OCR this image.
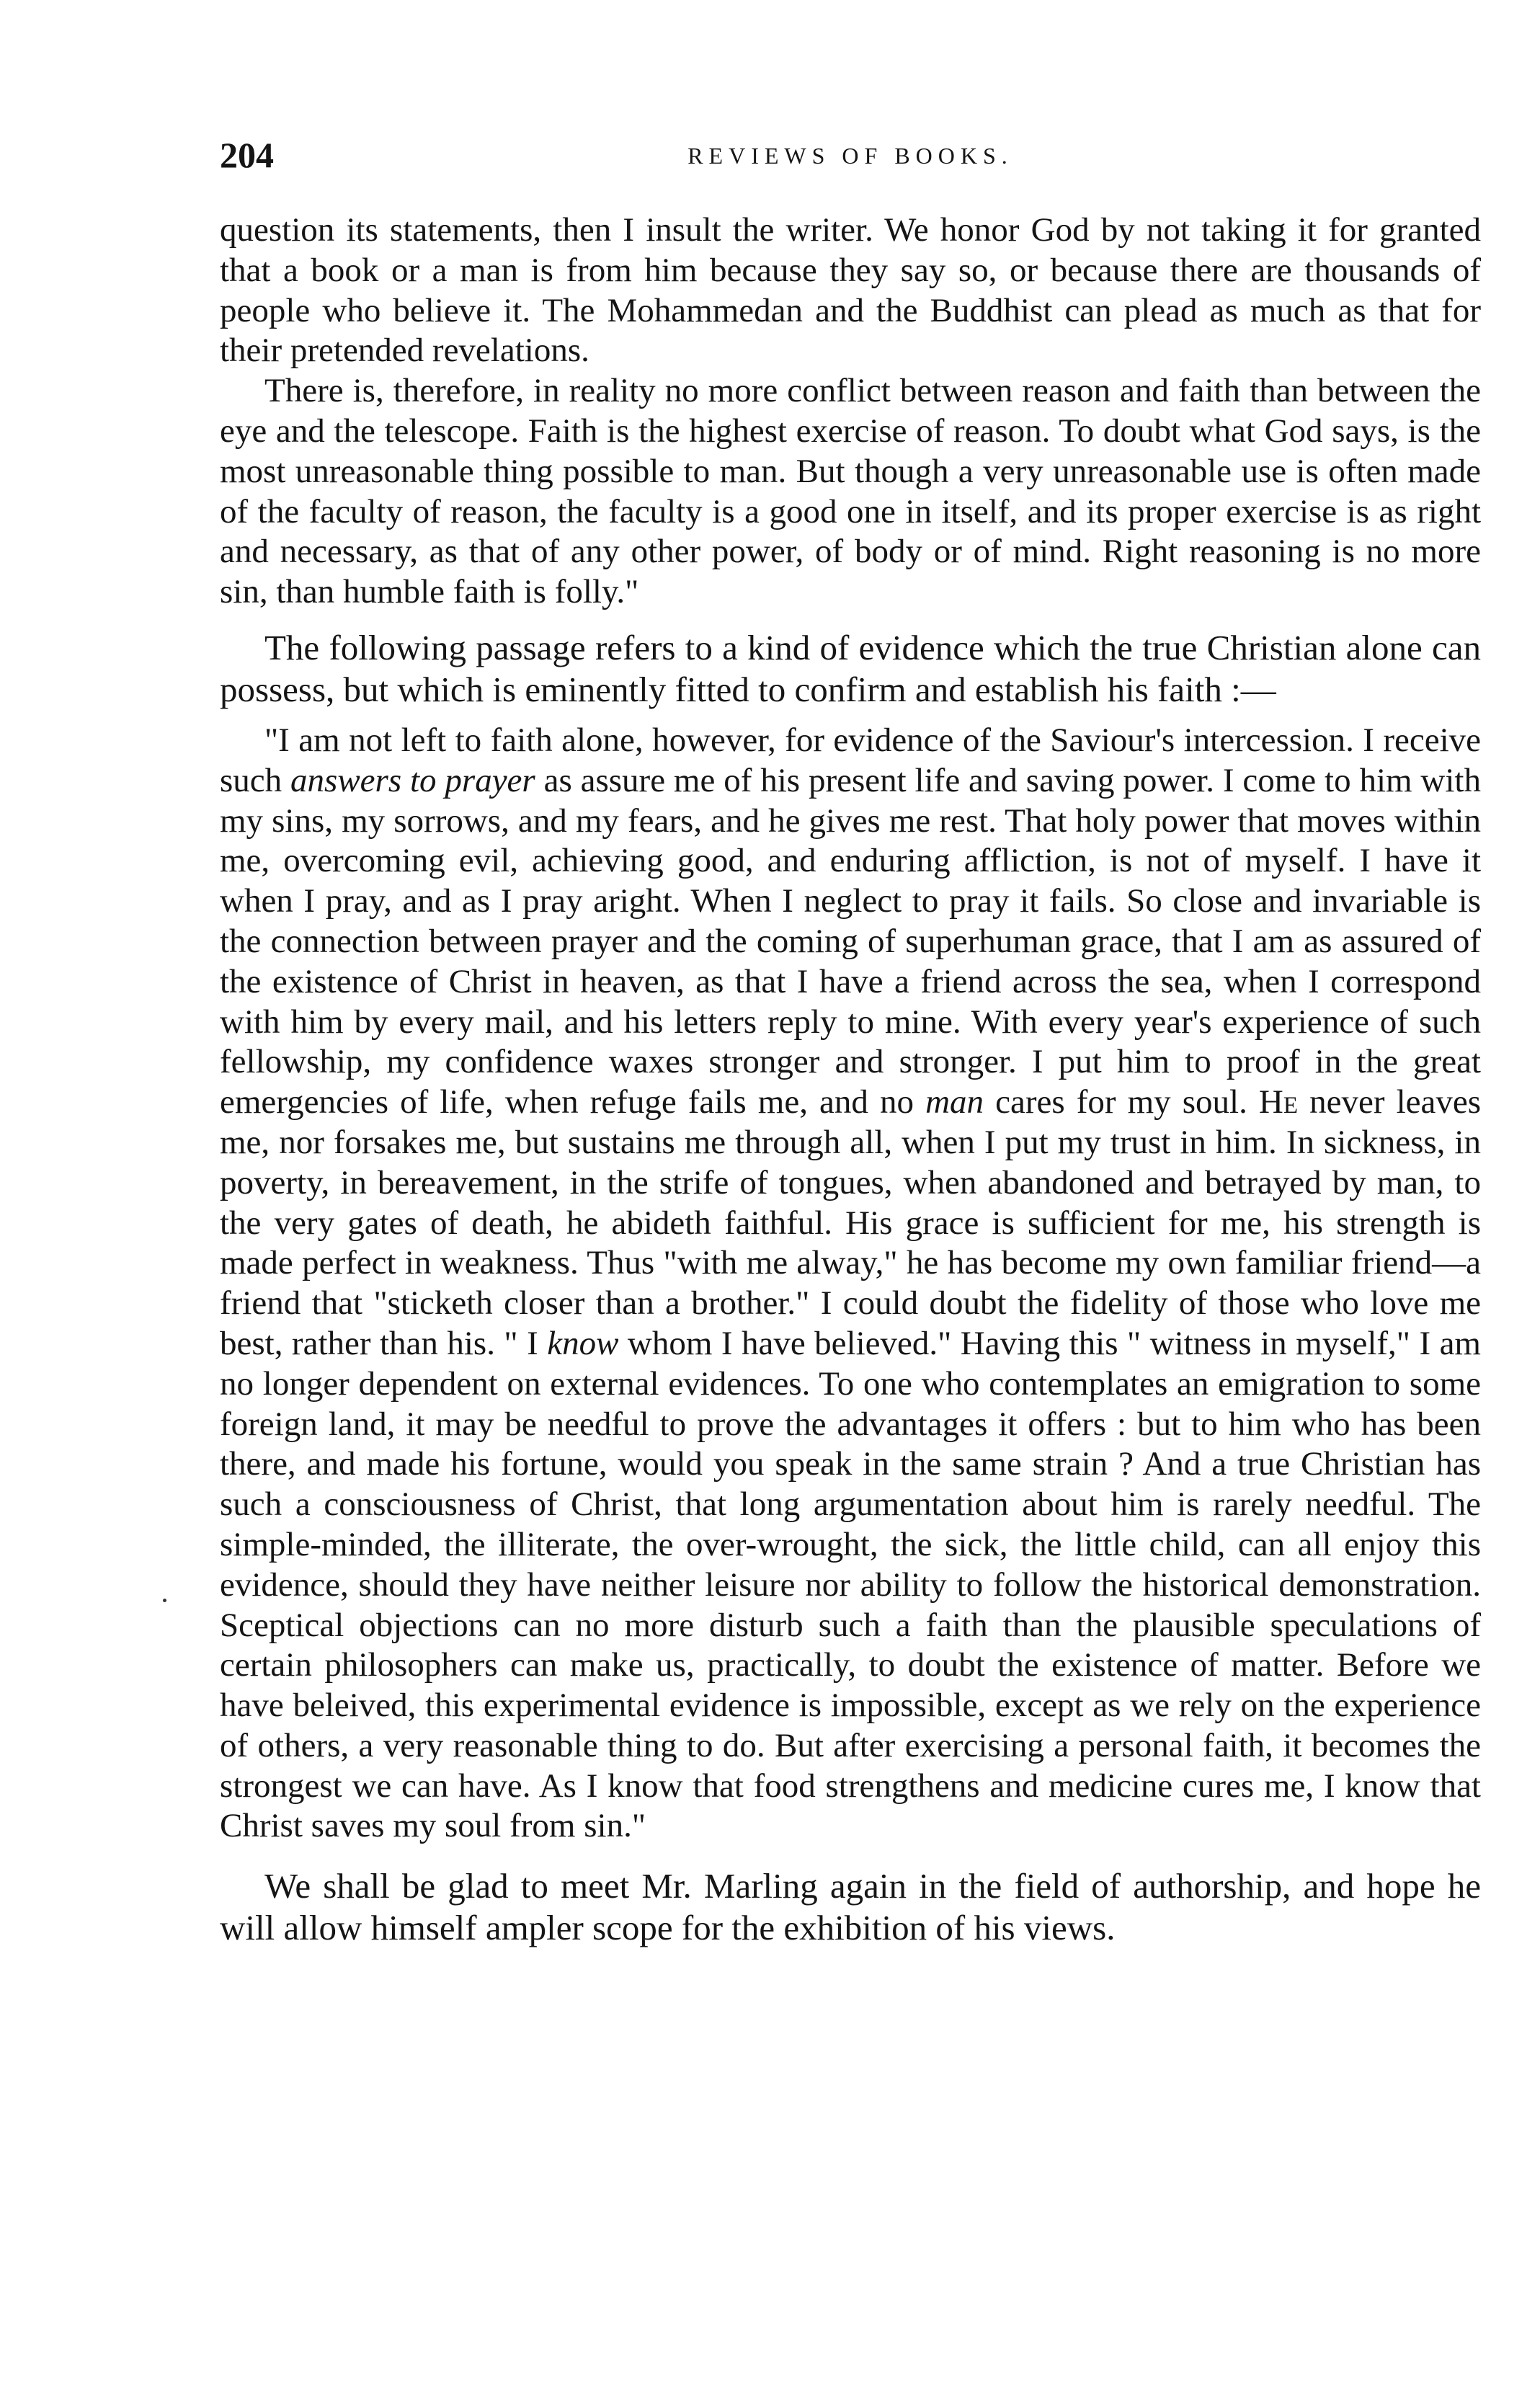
204	REVIEWS OF BOOKS.

question its statements, then I insult the writer. We honor God by not taking it for granted that a book or a man is from him because they say so, or because there are thousands of people who believe it. The Mohammedan and the Buddhist can plead as much as that for their pretended revelations.

There is, therefore, in reality no more conflict between reason and faith than between the eye and the telescope. Faith is the highest exercise of reason. To doubt what God says, is the most unreasonable thing possible to man. But though a very unreasonable use is often made of the faculty of reason, the faculty is a good one in itself, and its proper exercise is as right and necessary, as that of any other power, of body or of mind. Right reasoning is no more sin, than humble faith is folly."

The following passage refers to a kind of evidence which the true Christian alone can possess, but which is eminently fitted to confirm and establish his faith :—

"I am not left to faith alone, however, for evidence of the Saviour's intercession. I receive such answers to prayer as assure me of his present life and saving power. I come to him with my sins, my sorrows, and my fears, and he gives me rest. That holy power that moves within me, overcoming evil, achieving good, and enduring affliction, is not of myself. I have it when I pray, and as I pray aright. When I neglect to pray it fails. So close and invariable is the connection between prayer and the coming of superhuman grace, that I am as assured of the existence of Christ in heaven, as that I have a friend across the sea, when I correspond with him by every mail, and his letters reply to mine. With every year's experience of such fellowship, my confidence waxes stronger and stronger. I put him to proof in the great emergencies of life, when refuge fails me, and no man cares for my soul. He never leaves me, nor forsakes me, but sustains me through all, when I put my trust in him. In sickness, in poverty, in bereavement, in the strife of tongues, when abandoned and betrayed by man, to the very gates of death, he abideth faithful. His grace is sufficient for me, his strength is made perfect in weakness. Thus "with me alway," he has become my own familiar friend—a friend that "sticketh closer than a brother." I could doubt the fidelity of those who love me best, rather than his. " I know whom I have believed." Having this " witness in myself," I am no longer dependent on external evidences. To one who contemplates an emigration to some foreign land, it may be needful to prove the advantages it offers : but to him who has been there, and made his fortune, would you speak in the same strain ? And a true Christian has such a consciousness of Christ, that long argumentation about him is rarely needful. The simple-minded, the illiterate, the over-wrought, the sick, the little child, can all enjoy this evidence, should they have neither leisure nor ability to follow the historical demonstration. Sceptical objections can no more disturb such a faith than the plausible speculations of certain philosophers can make us, practically, to doubt the existence of matter. Before we have beleived, this experimental evidence is impossible, except as we rely on the experience of others, a very reasonable thing to do. But after exercising a personal faith, it becomes the strongest we can have. As I know that food strengthens and medicine cures me, I know that Christ saves my soul from sin."

We shall be glad to meet Mr. Marling again in the field of authorship, and hope he will allow himself ampler scope for the exhibition of his views.
